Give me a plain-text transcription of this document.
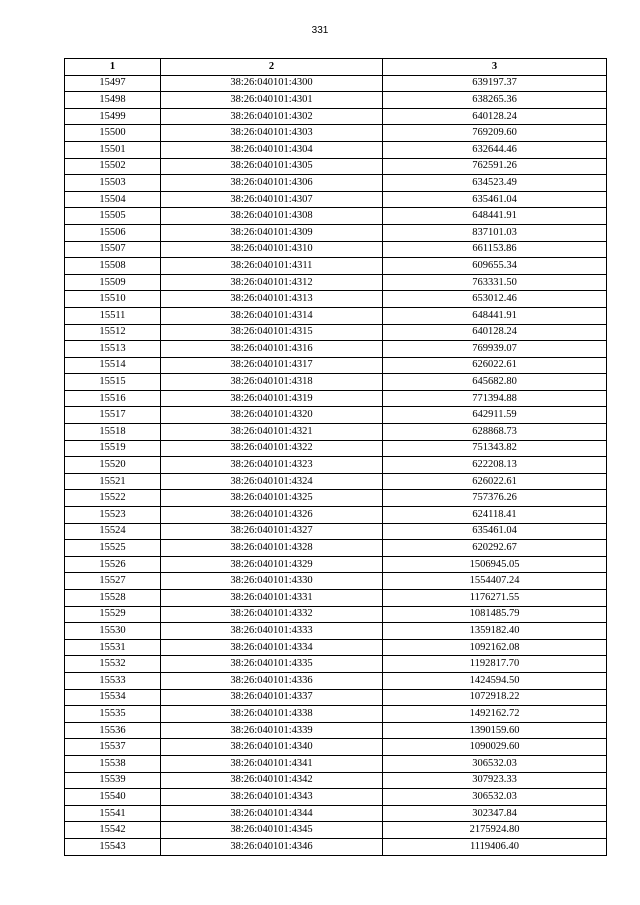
331
1	2	3
15497	38:26:040101:4300	639197.37
15498	38:26:040101:4301	638265.36
15499	38:26:040101:4302	640128.24
15500	38:26:040101:4303	769209.60
15501	38:26:040101:4304	632644.46
15502	38:26:040101:4305	762591.26
15503	38:26:040101:4306	634523.49
15504	38:26:040101:4307	635461.04
15505	38:26:040101:4308	648441.91
15506	38:26:040101:4309	837101.03
15507	38:26:040101:4310	661153.86
15508	38:26:040101:4311	609655.34
15509	38:26:040101:4312	763331.50
15510	38:26:040101:4313	653012.46
15511	38:26:040101:4314	648441.91
15512	38:26:040101:4315	640128.24
15513	38:26:040101:4316	769939.07
15514	38:26:040101:4317	626022.61
15515	38:26:040101:4318	645682.80
15516	38:26:040101:4319	771394.88
15517	38:26:040101:4320	642911.59
15518	38:26:040101:4321	628868.73
15519	38:26:040101:4322	751343.82
15520	38:26:040101:4323	622208.13
15521	38:26:040101:4324	626022.61
15522	38:26:040101:4325	757376.26
15523	38:26:040101:4326	624118.41
15524	38:26:040101:4327	635461.04
15525	38:26:040101:4328	620292.67
15526	38:26:040101:4329	1506945.05
15527	38:26:040101:4330	1554407.24
15528	38:26:040101:4331	1176271.55
15529	38:26:040101:4332	1081485.79
15530	38:26:040101:4333	1359182.40
15531	38:26:040101:4334	1092162.08
15532	38:26:040101:4335	1192817.70
15533	38:26:040101:4336	1424594.50
15534	38:26:040101:4337	1072918.22
15535	38:26:040101:4338	1492162.72
15536	38:26:040101:4339	1390159.60
15537	38:26:040101:4340	1090029.60
15538	38:26:040101:4341	306532.03
15539	38:26:040101:4342	307923.33
15540	38:26:040101:4343	306532.03
15541	38:26:040101:4344	302347.84
15542	38:26:040101:4345	2175924.80
15543	38:26:040101:4346	1119406.40
